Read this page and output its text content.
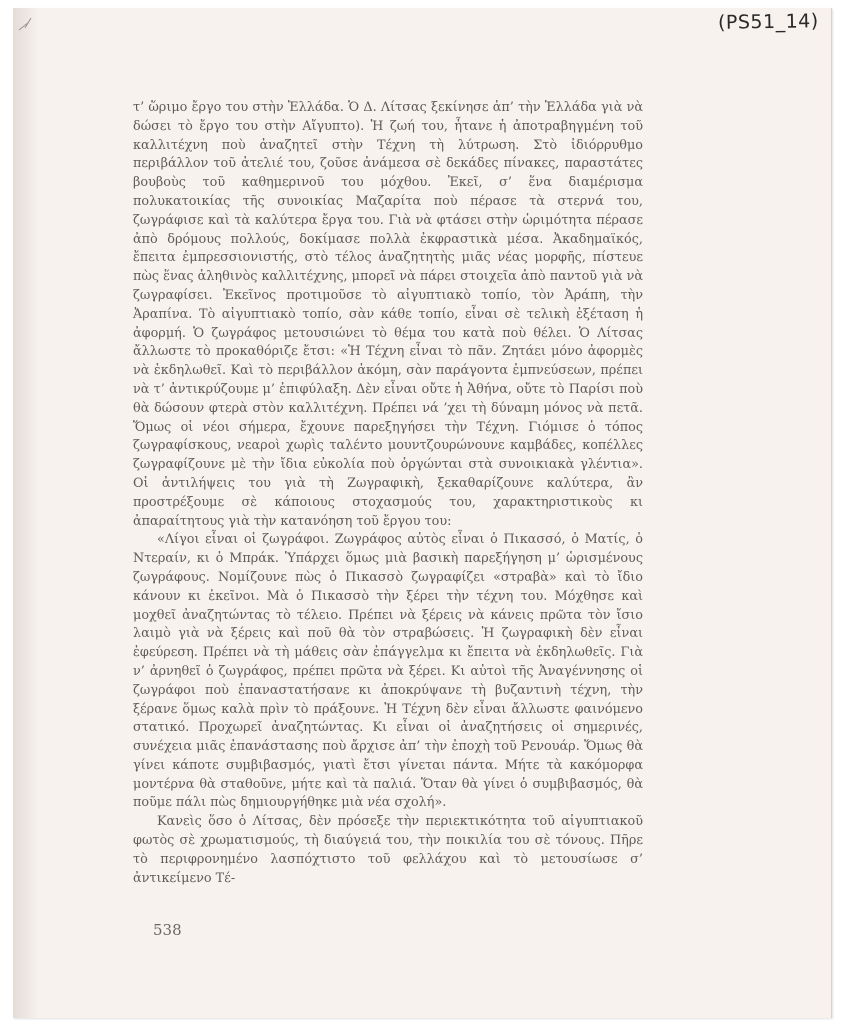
(PS51_14)

τ’ ὥριμο ἔργο του στὴν Ἑλλάδα. Ὁ Δ. Λίτσας ξεκίνησε ἀπ’ τὴν Ἑλλάδα γιὰ νὰ δώσει τὸ ἔργο του στὴν Αἴγυπτο). Ἡ ζωή του, ἦτανε ἡ ἀποτραβηγμένη τοῦ καλλιτέχνη ποὺ ἀναζητεῖ στὴν Τέχνη τὴ λύτρωση. Στὸ ἰδιόρρυθμο περιβάλλον τοῦ ἀτελιέ του, ζοῦσε ἀνάμεσα σὲ δεκάδες πίνακες, παραστάτες βουβοὺς τοῦ καθημερινοῦ του μόχθου. Ἐκεῖ, σ’ ἕνα διαμέρισμα πολυκατοικίας τῆς συνοικίας Μαζαρίτα ποὺ πέρασε τὰ στερνά του, ζωγράφισε καὶ τὰ καλύτερα ἔργα του. Γιὰ νὰ φτάσει στὴν ὡριμότητα πέρασε ἀπὸ δρόμους πολλούς, δοκίμασε πολλὰ ἐκφραστικὰ μέσα. Ἀκαδημαϊκός, ἔπειτα ἐμπρεσσιονιστής, στὸ τέλος ἀναζητητὴς μιᾶς νέας μορφῆς, πίστευε πὼς ἕνας ἀληθινὸς καλλιτέχνης, μπορεῖ νὰ πάρει στοιχεῖα ἀπὸ παντοῦ γιὰ νὰ ζωγραφίσει. Ἐκεῖνος προτιμοῦσε τὸ αἰγυπτιακὸ τοπίο, τὸν Ἀράπη, τὴν Ἀραπίνα. Τὸ αἰγυπτιακὸ τοπίο, σὰν κάθε τοπίο, εἶναι σὲ τελικὴ ἐξέταση ἡ ἀφορμή. Ὁ ζωγράφος μετουσιώνει τὸ θέμα του κατὰ ποὺ θέλει. Ὁ Λίτσας ἄλλωστε τὸ προκαθόριζε ἔτσι: «Ἡ Τέχνη εἶναι τὸ πᾶν. Ζητάει μόνο ἀφορμὲς νὰ ἐκδηλωθεῖ. Καὶ τὸ περιβάλλον ἀκόμη, σὰν παράγοντα ἐμπνεύσεων, πρέπει νὰ τ’ ἀντικρύζουμε μ’ ἐπιφύλαξη. Δὲν εἶναι οὔτε ἡ Ἀθήνα, οὔτε τὸ Παρίσι ποὺ θὰ δώσουν φτερὰ στὸν καλλιτέχνη. Πρέπει νά ’χει τὴ δύναμη μόνος νὰ πετᾶ. Ὅμως οἱ νέοι σήμερα, ἔχουνε παρεξηγήσει τὴν Τέχνη. Γιόμισε ὁ τόπος ζωγραφίσκους, νεαροὶ χωρὶς ταλέντο μουντζουρώνουνε καμβάδες, κοπέλλες ζωγραφίζουνε μὲ τὴν ἴδια εὐκολία ποὺ ὀργώνται στὰ συνοικιακὰ γλέντια». Οἱ ἀντιλήψεις του γιὰ τὴ Ζωγραφικὴ, ξεκαθαρίζουνε καλύτερα, ἂν προστρέξουμε σὲ κάποιους στοχασμούς του, χαρακτηριστικοὺς κι ἀπαραίτητους γιὰ τὴν κατανόηση τοῦ ἔργου του:

«Λίγοι εἶναι οἱ ζωγράφοι. Ζωγράφος αὐτὸς εἶναι ὁ Πικασσό, ὁ Ματίς, ὁ Ντεραίν, κι ὁ Μπράκ. Ὑπάρχει ὅμως μιὰ βασικὴ παρεξήγηση μ’ ὡρισμένους ζωγράφους. Νομίζουνε πὼς ὁ Πικασσὸ ζωγραφίζει «στραβὰ» καὶ τὸ ἴδιο κάνουν κι ἐκεῖνοι. Μὰ ὁ Πικασσὸ τὴν ξέρει τὴν τέχνη του. Μόχθησε καὶ μοχθεῖ ἀναζητώντας τὸ τέλειο. Πρέπει νὰ ξέρεις νὰ κάνεις πρῶτα τὸν ἴσιο λαιμὸ γιὰ νὰ ξέρεις καὶ ποῦ θὰ τὸν στραβώσεις. Ἡ ζωγραφικὴ δὲν εἶναι ἐφεύρεση. Πρέπει νὰ τὴ μάθεις σὰν ἐπάγγελμα κι ἔπειτα νὰ ἐκδηλωθεῖς. Γιὰ ν’ ἀρνηθεῖ ὁ ζωγράφος, πρέπει πρῶτα νὰ ξέρει. Κι αὐτοὶ τῆς Ἀναγέννησης οἱ ζωγράφοι ποὺ ἐπαναστατήσανε κι ἀποκρύψανε τὴ βυζαντινὴ τέχνη, τὴν ξέρανε ὅμως καλὰ πρὶν τὸ πράξουνε. Ἡ Τέχνη δὲν εἶναι ἄλλωστε φαινόμενο στατικό. Προχωρεῖ ἀναζητώντας. Κι εἶναι οἱ ἀναζητήσεις οἱ σημερινές, συνέχεια μιᾶς ἐπανάστασης ποὺ ἄρχισε ἀπ’ τὴν ἐποχὴ τοῦ Ρενουάρ. Ὅμως θὰ γίνει κάποτε συμβιβασμός, γιατὶ ἔτσι γίνεται πάντα. Μήτε τὰ κακόμορφα μοντέρνα θὰ σταθοῦνε, μήτε καὶ τὰ παλιά. Ὅταν θὰ γίνει ὁ συμβιβασμός, θὰ ποῦμε πάλι πὼς δημιουργήθηκε μιὰ νέα σχολή».

Κανεὶς ὅσο ὁ Λίτσας, δὲν πρόσεξε τὴν περιεκτικότητα τοῦ αἰγυπτιακοῦ φωτὸς σὲ χρωματισμούς, τὴ διαύγειά του, τὴν ποικιλία του σὲ τόνους. Πῆρε τὸ περιφρονημένο λασπόχτιστο τοῦ φελλάχου καὶ τὸ μετουσίωσε σ’ ἀντικείμενο Τέ-

538
